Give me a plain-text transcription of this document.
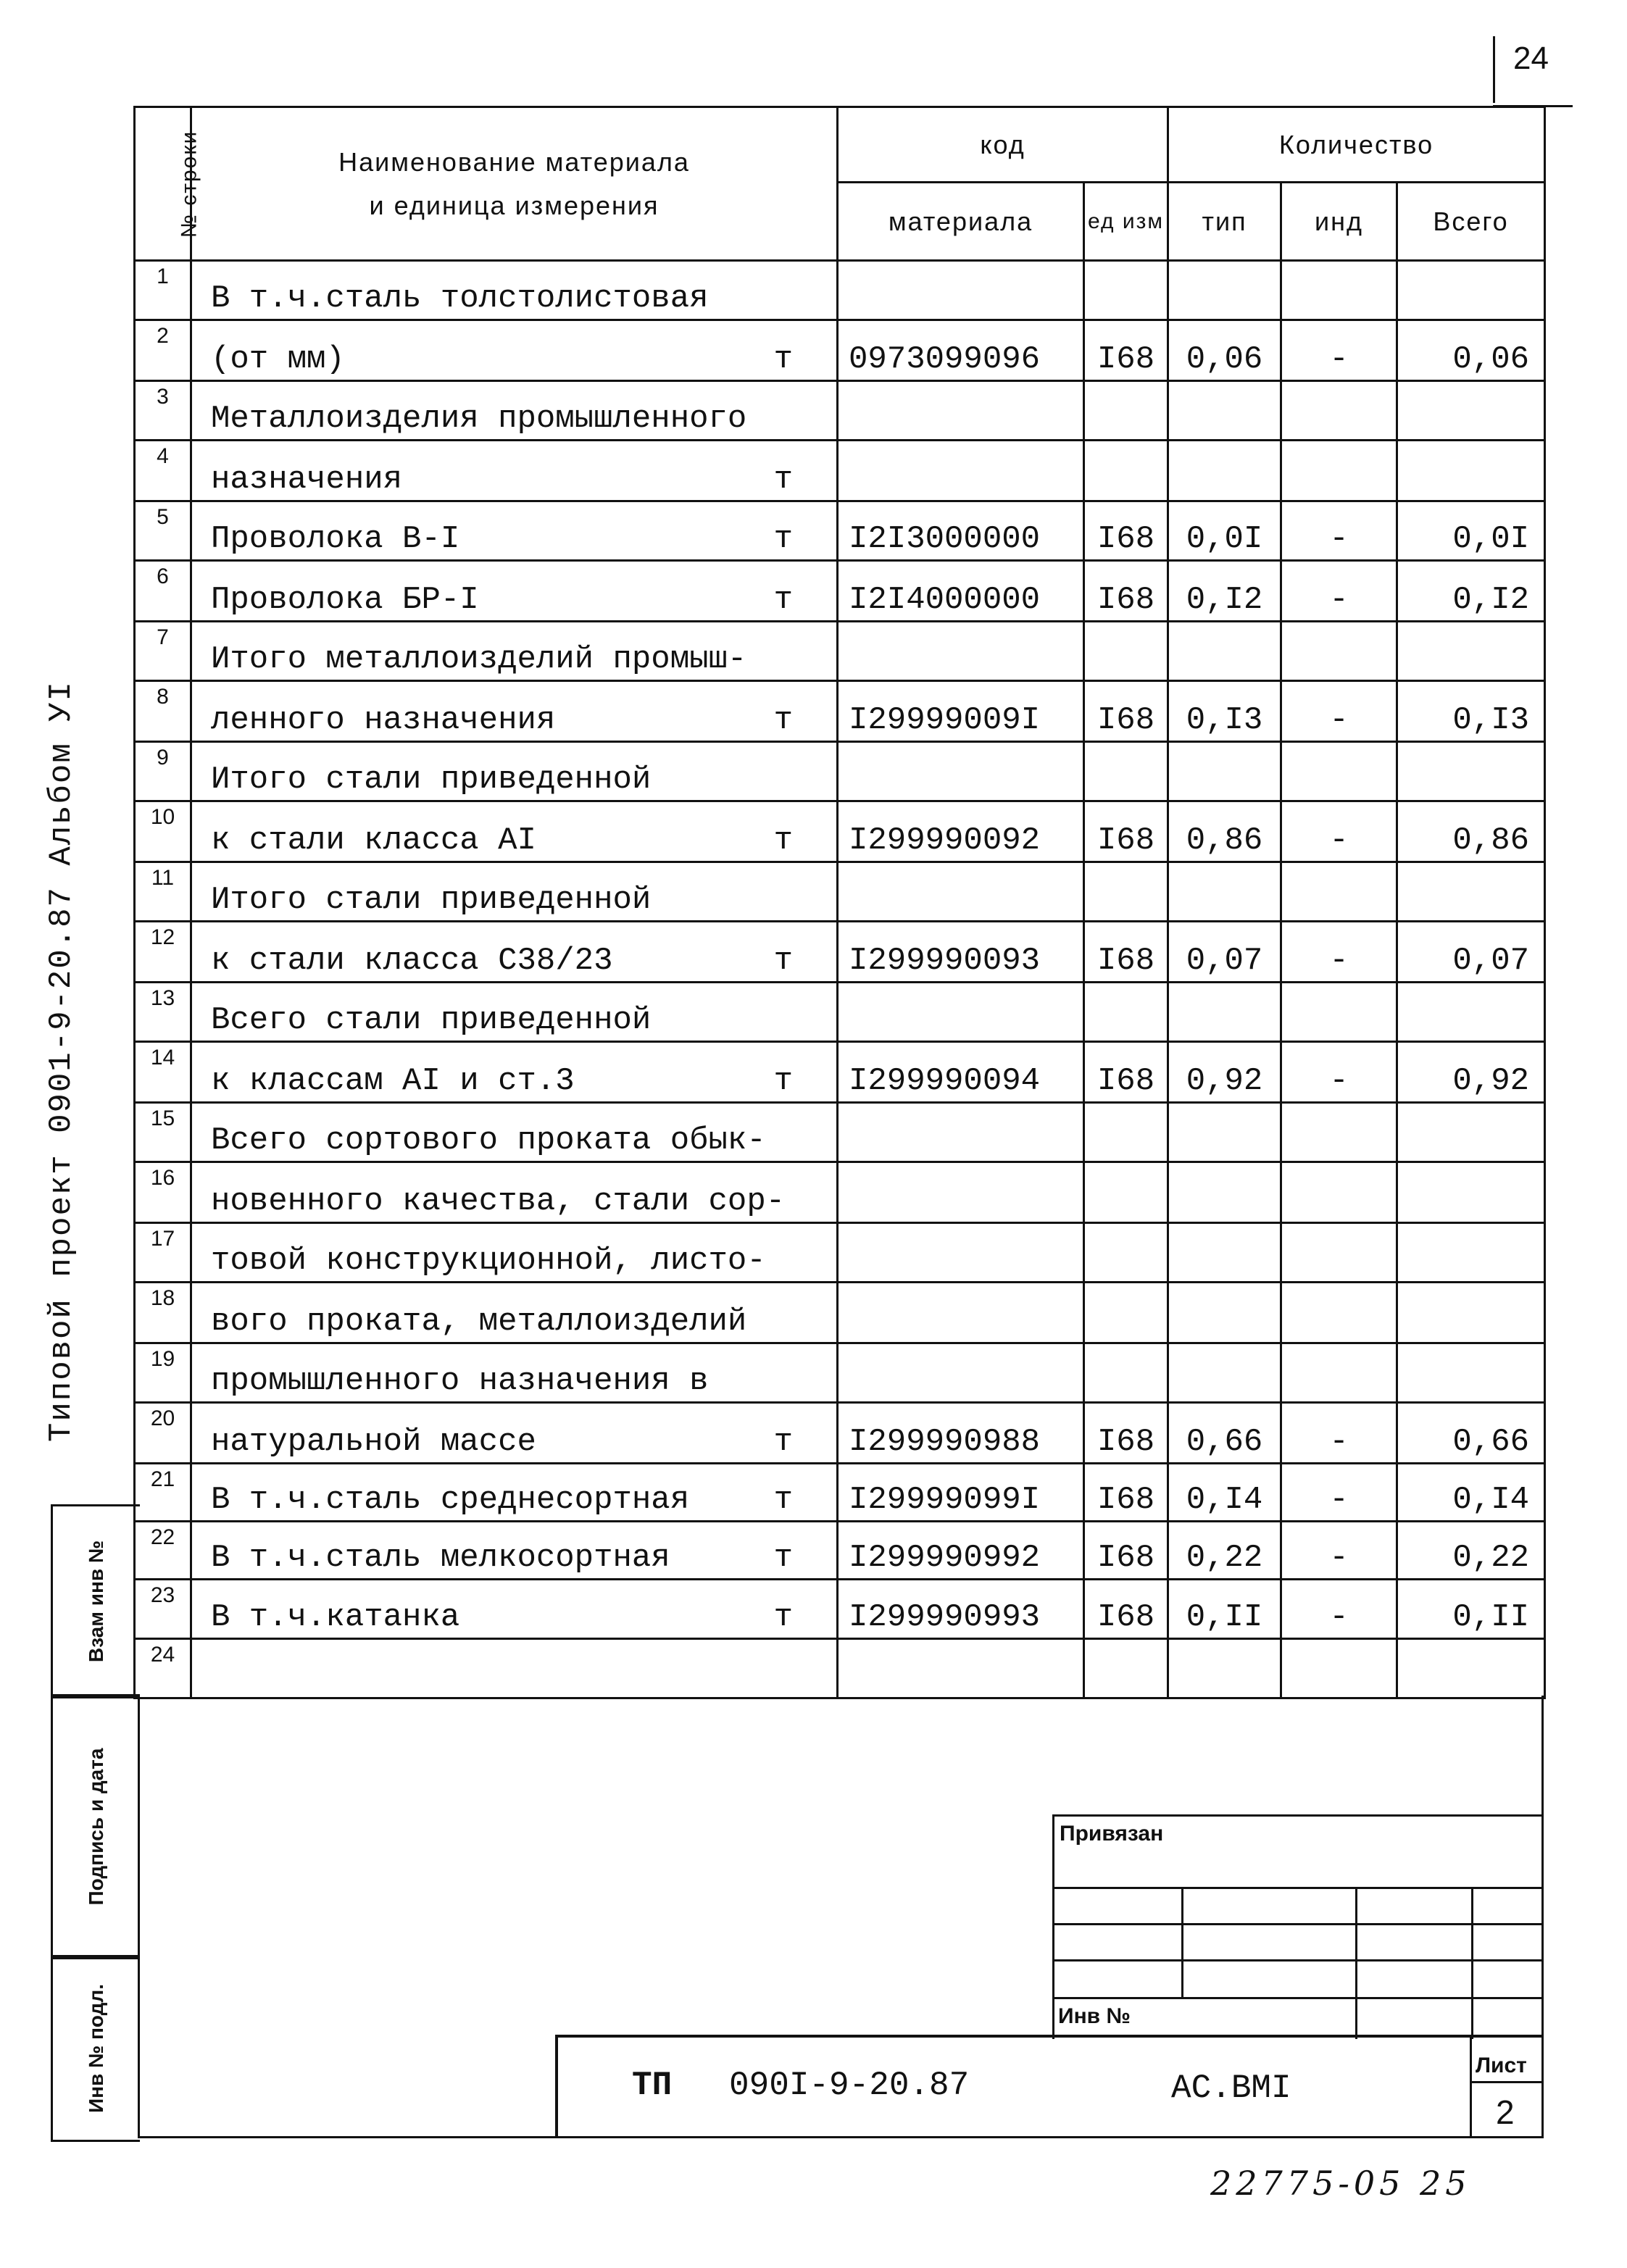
24
№ строки	Наименование материала
и единица измерения	код		Количество		
		материала	ед изм	тип	инд	Всего
1	В т.ч.сталь толстолистовая

2	(от мм) т	0973099096	I68	0,06	-	0,06
3	Металлоизделия промышленного

4	назначения т					

5	Проволока В-I т	I2I3000000	I68	0,0I	-	0,0I
6	Проволока БР-I т	I2I4000000	I68	0,I2	-	0,I2
7	Итого металлоизделий промыш-

8	ленного назначения т	I29999009I	I68	0,I3	-	0,I3
9	Итого стали приведенной

10	к стали класса АI т	I299990092	I68	0,86	-	0,86
11	Итого стали приведенной

12	к стали класса С38/23 т	I299990093	I68	0,07	-	0,07
13	Всего стали приведенной

14	к классам АI и ст.3 т	I299990094	I68	0,92	-	0,92
15	Всего сортового проката обык-

16	новенного качества, стали сор-

17	товой конструкционной, листо-

18	вого проката, металлоизделий

19	промышленного назначения в

20	натуральной массе т	I299990988	I68	0,66	-	0,66
21	В т.ч.сталь среднесортная т	I29999099I	I68	0,I4	-	0,I4
22	В т.ч.сталь мелкосортная т	I299990992	I68	0,22	-	0,22
23	В т.ч.катанка т	I299990993	I68	0,II	-	0,II
24	

Типовой проект 0901-9-20.87 Альбом УI
Взам инв №
Подпись и дата
Инв № подл.
Привязан
Инв №
ТП 090I-9-20.87	АС.ВМI
Лист
2
22775-05 25
